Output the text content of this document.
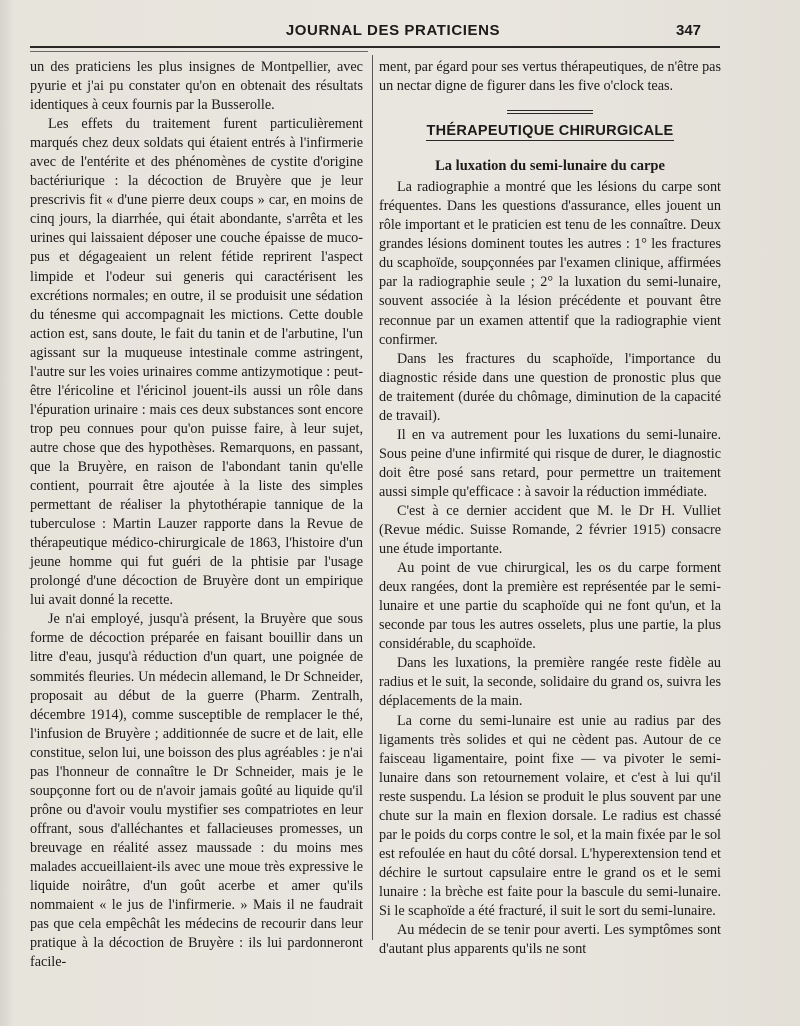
JOURNAL DES PRATICIENS	347

un des praticiens les plus insignes de Montpellier, avec pyurie et j'ai pu constater qu'on en obtenait des résultats identiques à ceux fournis par la Busserolle.

Les effets du traitement furent particulièrement marqués chez deux soldats qui étaient entrés à l'infirmerie avec de l'entérite et des phénomènes de cystite d'origine bactériurique : la décoction de Bruyère que je leur prescrivis fit « d'une pierre deux coups » car, en moins de cinq jours, la diarrhée, qui était abondante, s'arrêta et les urines qui laissaient déposer une couche épaisse de muco-pus et dégageaient un relent fétide reprirent l'aspect limpide et l'odeur sui generis qui caractérisent les excrétions normales; en outre, il se produisit une sédation du ténesme qui accompagnait les mictions. Cette double action est, sans doute, le fait du tanin et de l'arbutine, l'un agissant sur la muqueuse intestinale comme astringent, l'autre sur les voies urinaires comme antizymotique : peut-être l'éricoline et l'éricinol jouent-ils aussi un rôle dans l'épuration urinaire : mais ces deux substances sont encore trop peu connues pour qu'on puisse faire, à leur sujet, autre chose que des hypothèses. Remarquons, en passant, que la Bruyère, en raison de l'abondant tanin qu'elle contient, pourrait être ajoutée à la liste des simples permettant de réaliser la phytothérapie tannique de la tuberculose : Martin Lauzer rapporte dans la Revue de thérapeutique médico-chirurgicale de 1863, l'histoire d'un jeune homme qui fut guéri de la phtisie par l'usage prolongé d'une décoction de Bruyère dont un empirique lui avait donné la recette.

Je n'ai employé, jusqu'à présent, la Bruyère que sous forme de décoction préparée en faisant bouillir dans un litre d'eau, jusqu'à réduction d'un quart, une poignée de sommités fleuries. Un médecin allemand, le Dr Schneider, proposait au début de la guerre (Pharm. Zentralh, décembre 1914), comme susceptible de remplacer le thé, l'infusion de Bruyère ; additionnée de sucre et de lait, elle constitue, selon lui, une boisson des plus agréables : je n'ai pas l'honneur de connaître le Dr Schneider, mais je le soupçonne fort ou de n'avoir jamais goûté au liquide qu'il prône ou d'avoir voulu mystifier ses compatriotes en leur offrant, sous d'alléchantes et fallacieuses promesses, un breuvage en réalité assez maussade : du moins mes malades accueillaient-ils avec une moue très expressive le liquide noirâtre, d'un goût acerbe et amer qu'ils nommaient « le jus de l'infirmerie. » Mais il ne faudrait pas que cela empêchât les médecins de recourir dans leur pratique à la décoction de Bruyère : ils lui pardonneront facile-

ment, par égard pour ses vertus thérapeutiques, de n'être pas un nectar digne de figurer dans les five o'clock teas.

THÉRAPEUTIQUE CHIRURGICALE
La luxation du semi-lunaire du carpe

La radiographie a montré que les lésions du carpe sont fréquentes. Dans les questions d'assurance, elles jouent un rôle important et le praticien est tenu de les connaître. Deux grandes lésions dominent toutes les autres : 1° les fractures du scaphoïde, soupçonnées par l'examen clinique, affirmées par la radiographie seule ; 2° la luxation du semi-lunaire, souvent associée à la lésion précédente et pouvant être reconnue par un examen attentif que la radiographie vient confirmer.

Dans les fractures du scaphoïde, l'importance du diagnostic réside dans une question de pronostic plus que de traitement (durée du chômage, diminution de la capacité de travail).

Il en va autrement pour les luxations du semi-lunaire. Sous peine d'une infirmité qui risque de durer, le diagnostic doit être posé sans retard, pour permettre un traitement aussi simple qu'efficace : à savoir la réduction immédiate.

C'est à ce dernier accident que M. le Dr H. Vulliet (Revue médic. Suisse Romande, 2 février 1915) consacre une étude importante.

Au point de vue chirurgical, les os du carpe forment deux rangées, dont la première est représentée par le semi-lunaire et une partie du scaphoïde qui ne font qu'un, et la seconde par tous les autres osselets, plus une partie, la plus considérable, du scaphoïde.

Dans les luxations, la première rangée reste fidèle au radius et le suit, la seconde, solidaire du grand os, suivra les déplacements de la main.

La corne du semi-lunaire est unie au radius par des ligaments très solides et qui ne cèdent pas. Autour de ce faisceau ligamentaire, point fixe — va pivoter le semi-lunaire dans son retournement volaire, et c'est à lui qu'il reste suspendu. La lésion se produit le plus souvent par une chute sur la main en flexion dorsale. Le radius est chassé par le poids du corps contre le sol, et la main fixée par le sol est refoulée en haut du côté dorsal. L'hyperextension tend et déchire le surtout capsulaire entre le grand os et le semi lunaire : la brèche est faite pour la bascule du semi-lunaire. Si le scaphoïde a été fracturé, il suit le sort du semi-lunaire.

Au médecin de se tenir pour averti. Les symptômes sont d'autant plus apparents qu'ils ne sont
